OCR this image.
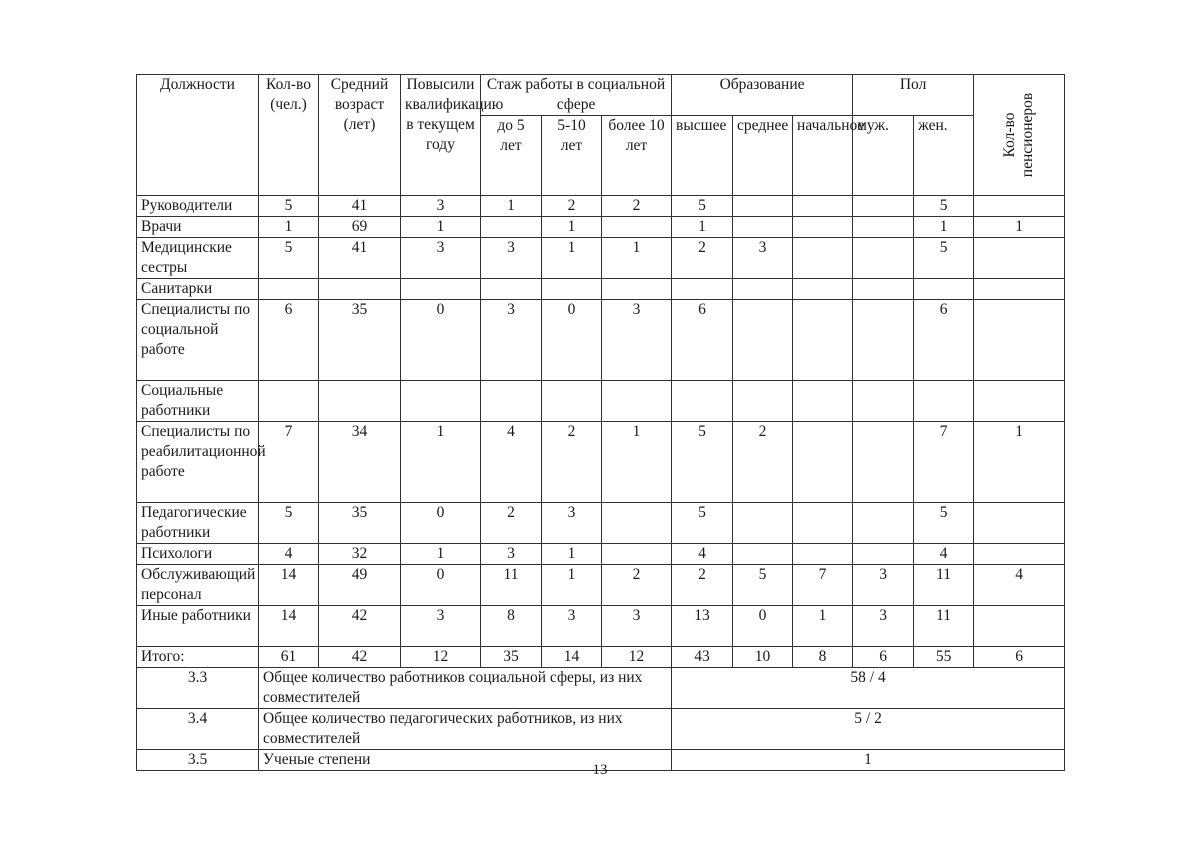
Должности	Кол-во (чел.)	Средний возраст (лет)	Повысили квалификацию в текущем году	Стаж работы в социальной сфере			Образование			Пол		Кол-во пенсионеров

				до 5 лет	5-10 лет	более 10 лет	высшее	среднее	начальное	муж.	жен.	
Руководители	5	41	3	1	2	2	5				5	
Врачи	1	69	1		1		1				1	1
Медицинские сестры	5	41	3	3	1	1	2	3			5	
Санитарки												
Специалисты по социальной работе	6	35	0	3	0	3	6				6	
Социальные работники												
Специалисты по реабилитационной работе	7	34	1	4	2	1	5	2			7	1
Педагогические работники	5	35	0	2	3		5				5	
Психологи	4	32	1	3	1		4				4	
Обслуживающий персонал	14	49	0	11	1	2	2	5	7	3	11	4
Иные работники	14	42	3	8	3	3	13	0	1	3	11	
Итого:	61	42	12	35	14	12	43	10	8	6	55	6
3.3	Общее количество работников социальной сферы, из них совместителей						58 / 4					
3.4	Общее количество педагогических работников, из них совместителей						5 / 2					
3.5	Ученые степени						1					
13
